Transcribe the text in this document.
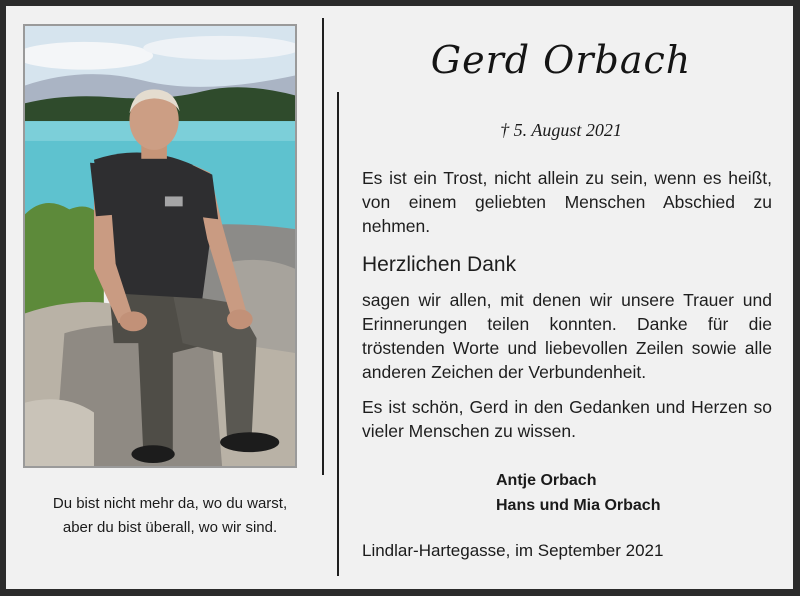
Du bist nicht mehr da, wo du warst,
aber du bist überall, wo wir sind.
Gerd Orbach
† 5. August 2021
Es ist ein Trost, nicht allein zu sein, wenn es heißt, von einem geliebten Menschen Abschied zu nehmen.
Herzlichen Dank
sagen wir allen, mit denen wir unsere Trauer und Erinnerungen teilen konnten. Danke für die tröstenden Worte und liebevollen Zeilen sowie alle anderen Zeichen der Verbundenheit.
Es ist schön, Gerd in den Gedanken und Herzen so vieler Menschen zu wissen.
Antje Orbach
Hans und Mia Orbach
Lindlar-Hartegasse, im September 2021
